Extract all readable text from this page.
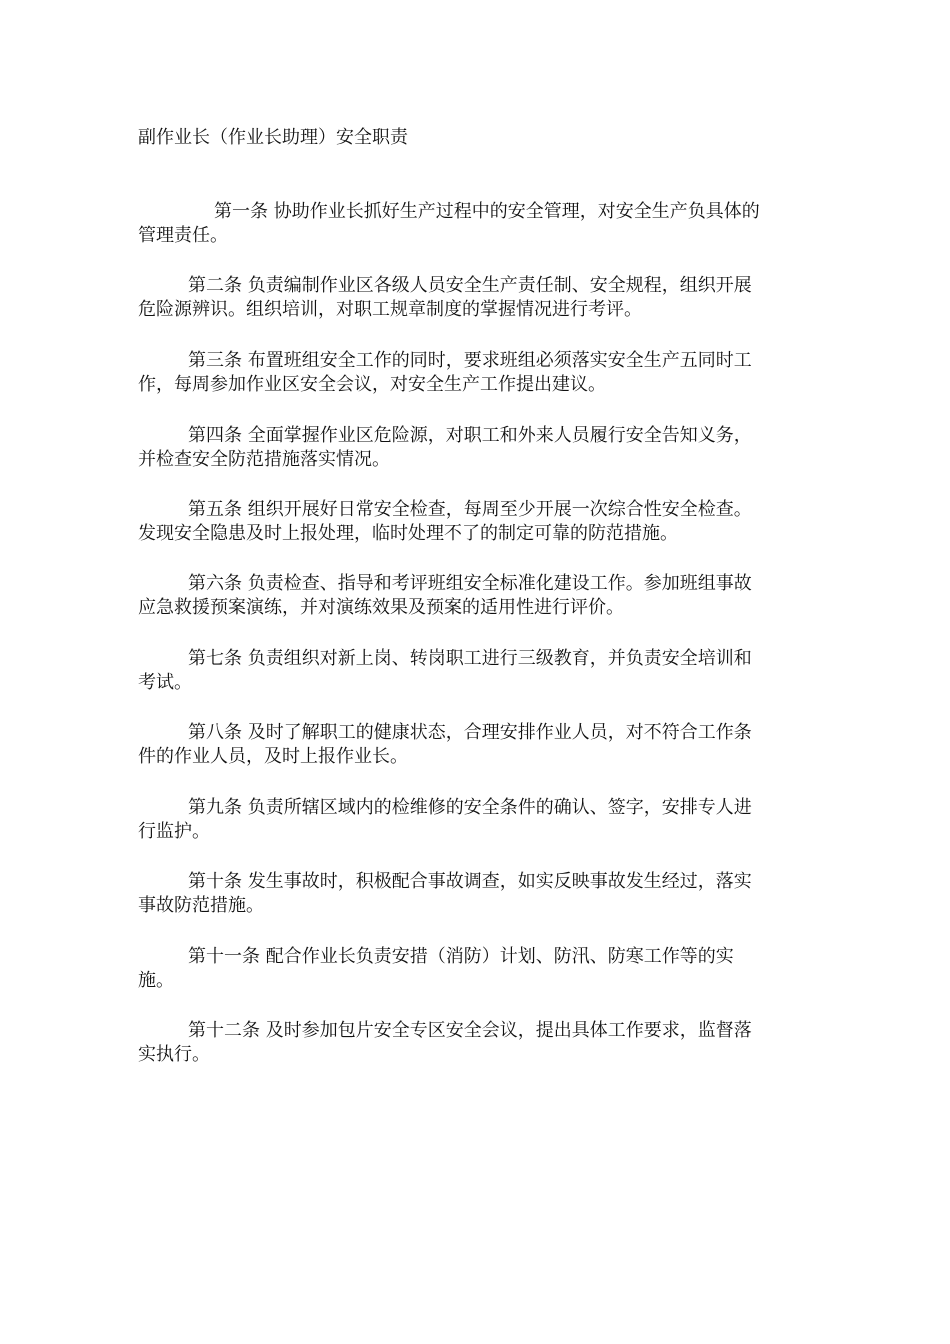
副作业长（作业长助理）安全职责
第一条 协助作业长抓好生产过程中的安全管理，对安全生产负具体的
管理责任。
第二条 负责编制作业区各级人员安全生产责任制、安全规程，组织开展
危险源辨识。组织培训，对职工规章制度的掌握情况进行考评。
第三条 布置班组安全工作的同时，要求班组必须落实安全生产五同时工
作，每周参加作业区安全会议，对安全生产工作提出建议。
第四条 全面掌握作业区危险源，对职工和外来人员履行安全告知义务，
并检查安全防范措施落实情况。
第五条 组织开展好日常安全检查，每周至少开展一次综合性安全检查。
发现安全隐患及时上报处理，临时处理不了的制定可靠的防范措施。
第六条 负责检查、指导和考评班组安全标准化建设工作。参加班组事故
应急救援预案演练，并对演练效果及预案的适用性进行评价。
第七条 负责组织对新上岗、转岗职工进行三级教育，并负责安全培训和
考试。
第八条 及时了解职工的健康状态，合理安排作业人员，对不符合工作条
件的作业人员，及时上报作业长。
第九条 负责所辖区域内的检维修的安全条件的确认、签字，安排专人进
行监护。
第十条 发生事故时，积极配合事故调查，如实反映事故发生经过，落实
事故防范措施。
第十一条 配合作业长负责安措（消防）计划、防汛、防寒工作等的实
施。
第十二条 及时参加包片安全专区安全会议，提出具体工作要求，监督落
实执行。
